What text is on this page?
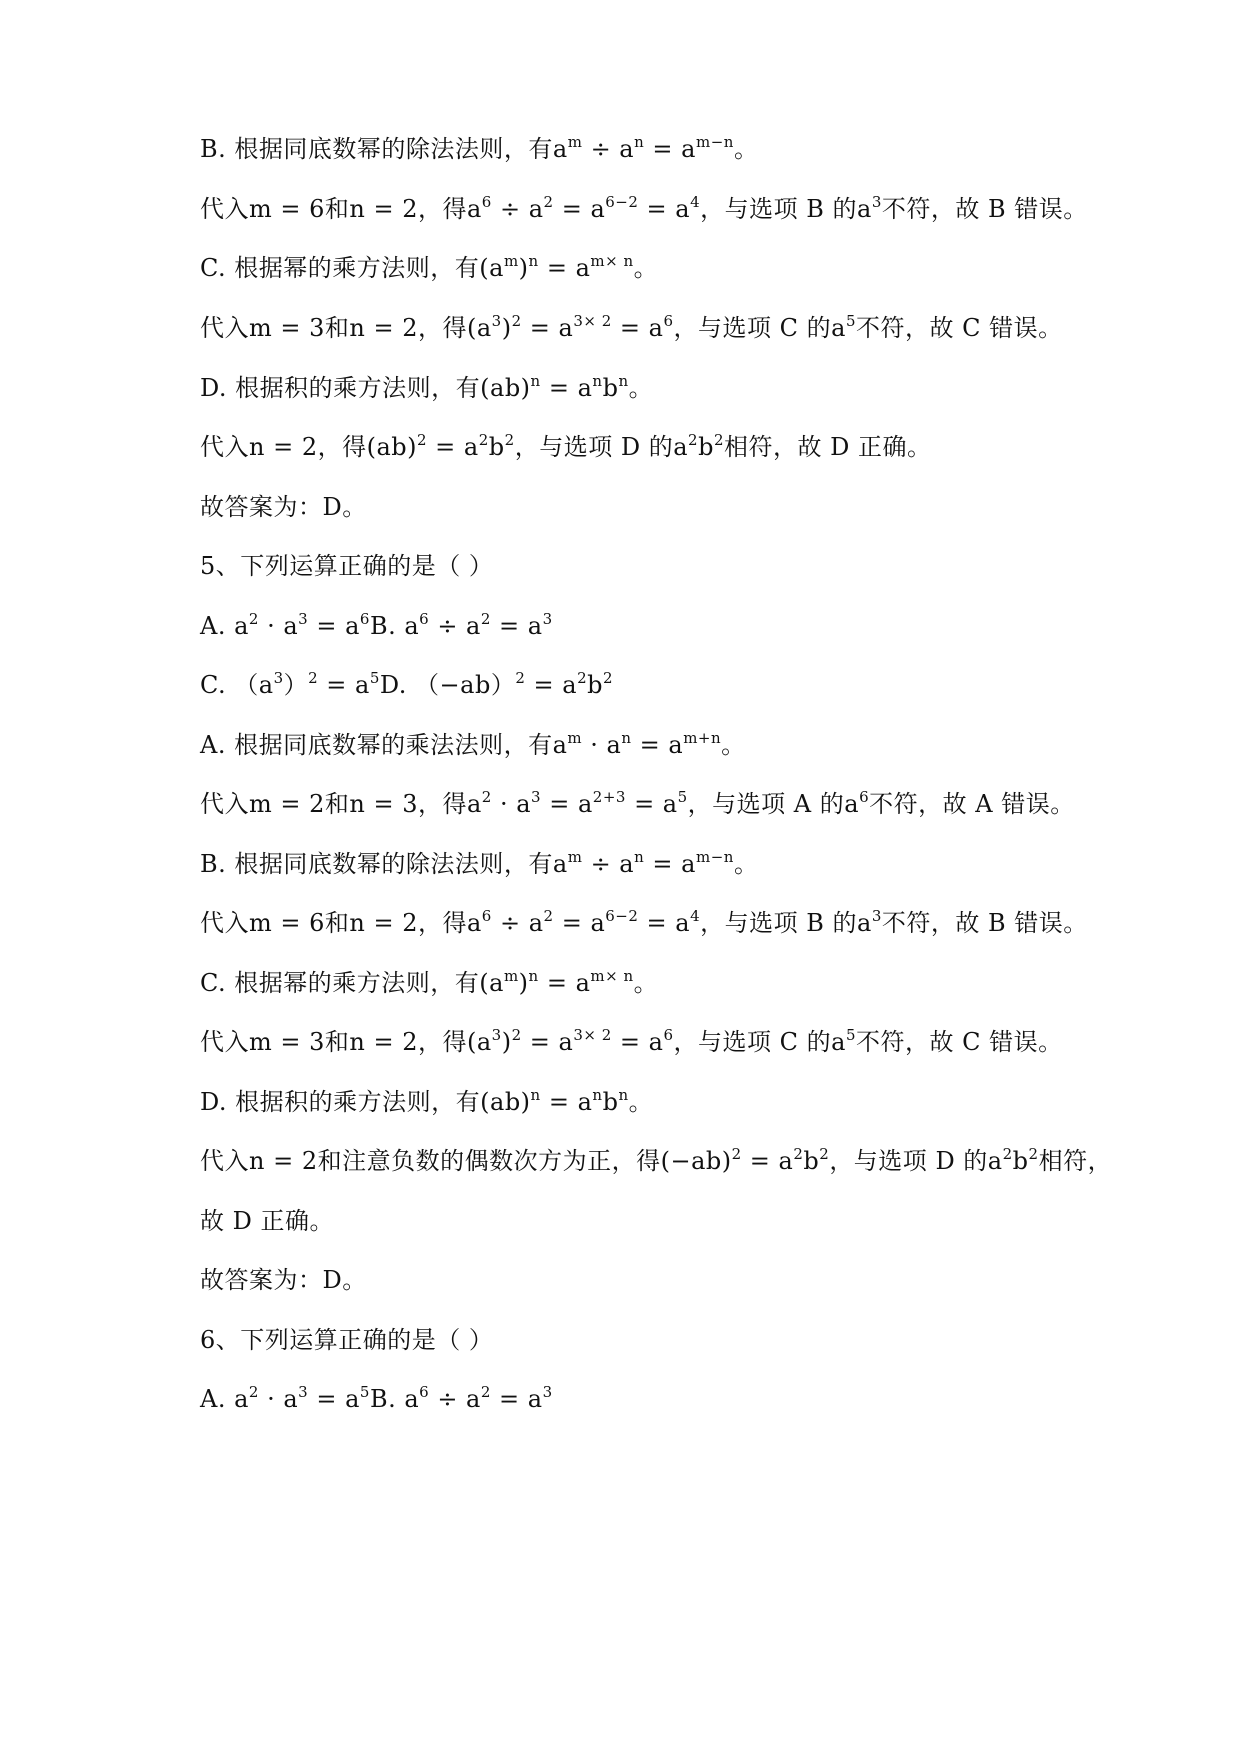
B. 根据同底数幂的除法法则，有$a^m \div a^n = a^{m-n}$。
代入m = 6和n = 2，得$a^6 \div a^2 = a^{6-2} = a^4$，与选项 B 的$a^3$不符，故 B 错误。
C. 根据幂的乘方法则，有$(a^m)^n = a^{m\times n}$。
代入m = 3和n = 2，得$(a^3)^2 = a^{3\times 2} = a^6$，与选项 C 的$a^5$不符，故 C 错误。
D. 根据积的乘方法则，有$(ab)^n = a^nb^n$。
代入n = 2，得$(ab)^2 = a^2b^2$，与选项 D 的$a^2b^2$相符，故 D 正确。
故答案为：D。
5、下列运算正确的是（ ）
A. $a^2 \cdot a^3 = a^6B$. $a^6 \div a^2 = a^3$
C. $(a^3)^2 = a^5D$. $(-ab)^2 = a^2b^2$
A. 根据同底数幂的乘法法则，有$a^m \cdot a^n = a^{m+n}$。
代入m = 2和n = 3，得$a^2 \cdot a^3 = a^{2+3} = a^5$，与选项 A 的$a^6$不符，故 A 错误。
B. 根据同底数幂的除法法则，有$a^m \div a^n = a^{m-n}$。
代入m = 6和n = 2，得$a^6 \div a^2 = a^{6-2} = a^4$，与选项 B 的$a^3$不符，故 B 错误。
C. 根据幂的乘方法则，有$(a^m)^n = a^{m\times n}$。
代入m = 3和n = 2，得$(a^3)^2 = a^{3\times 2} = a^6$，与选项 C 的$a^5$不符，故 C 错误。
D. 根据积的乘方法则，有$(ab)^n = a^nb^n$。
代入n = 2和注意负数的偶数次方为正，得$(-ab)^2 = a^2b^2$，与选项 D 的$a^2b^2$相符，
故 D 正确。
故答案为：D。
6、下列运算正确的是（ ）
A. $a^2 \cdot a^3 = a^5B$. $a^6 \div a^2 = a^3$
